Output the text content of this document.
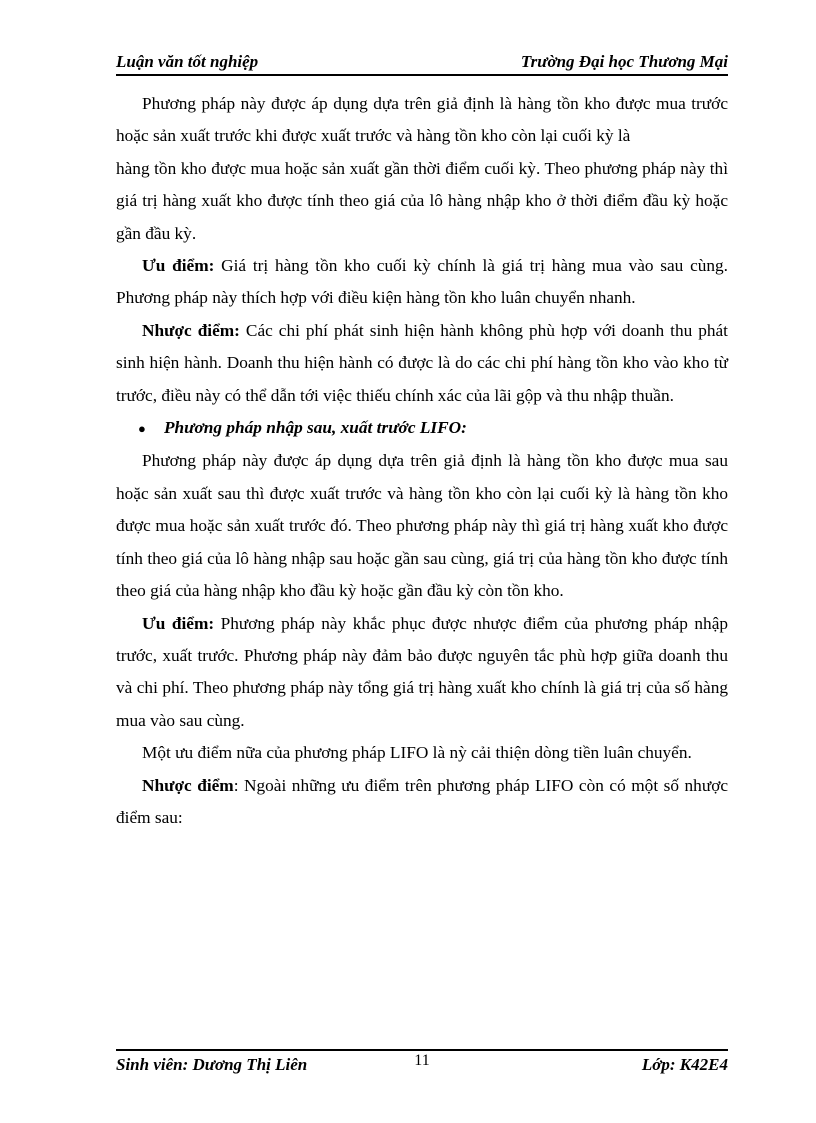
Luận văn tốt nghiệp	Trường Đại học Thương Mại

Phương pháp này được áp dụng dựa trên giả định là hàng tồn kho được mua trước hoặc sản xuất trước khi được xuất trước và hàng tồn kho còn lại cuối kỳ là

hàng tồn kho được mua hoặc sản xuất gần thời điểm cuối kỳ. Theo phương pháp này thì giá trị hàng xuất kho được tính theo giá của lô hàng nhập kho ở thời điểm đầu kỳ hoặc gần đầu kỳ.

Ưu điểm: Giá trị hàng tồn kho cuối kỳ chính là giá trị hàng mua vào sau cùng. Phương pháp này thích hợp với điều kiện hàng tồn kho luân chuyển nhanh.

Nhược điểm: Các chi phí phát sinh hiện hành không phù hợp với doanh thu phát sinh hiện hành. Doanh thu hiện hành có được là do các chi phí hàng tồn kho vào kho từ trước, điều này có thể dẫn tới việc thiếu chính xác của lãi gộp và thu nhập thuần.

●	Phương pháp nhập sau, xuất trước LIFO:

Phương pháp này được áp dụng dựa trên giả định là hàng tồn kho được mua sau hoặc sản xuất sau thì được xuất trước và hàng tồn kho còn lại cuối kỳ là hàng tồn kho được mua hoặc sản xuất trước đó. Theo phương pháp này thì giá trị hàng xuất kho được tính theo giá của lô hàng nhập sau hoặc gần sau cùng, giá trị của hàng tồn kho được tính theo giá của hàng nhập kho đầu kỳ hoặc gần đầu kỳ còn tồn kho.

Ưu điểm: Phương pháp này khắc phục được nhược điểm của phương pháp nhập trước, xuất trước. Phương pháp này đảm bảo được nguyên tắc phù hợp giữa doanh thu và chi phí. Theo phương pháp này tổng giá trị hàng xuất kho chính là giá trị của số hàng mua vào sau cùng.

Một ưu điểm nữa của phương pháp LIFO là nỳ cải thiện dòng tiền luân chuyển.

Nhược điểm: Ngoài những ưu điểm trên phương pháp LIFO còn có một số nhược điểm sau:

Sinh viên: Dương Thị Liên	11	Lớp: K42E4
